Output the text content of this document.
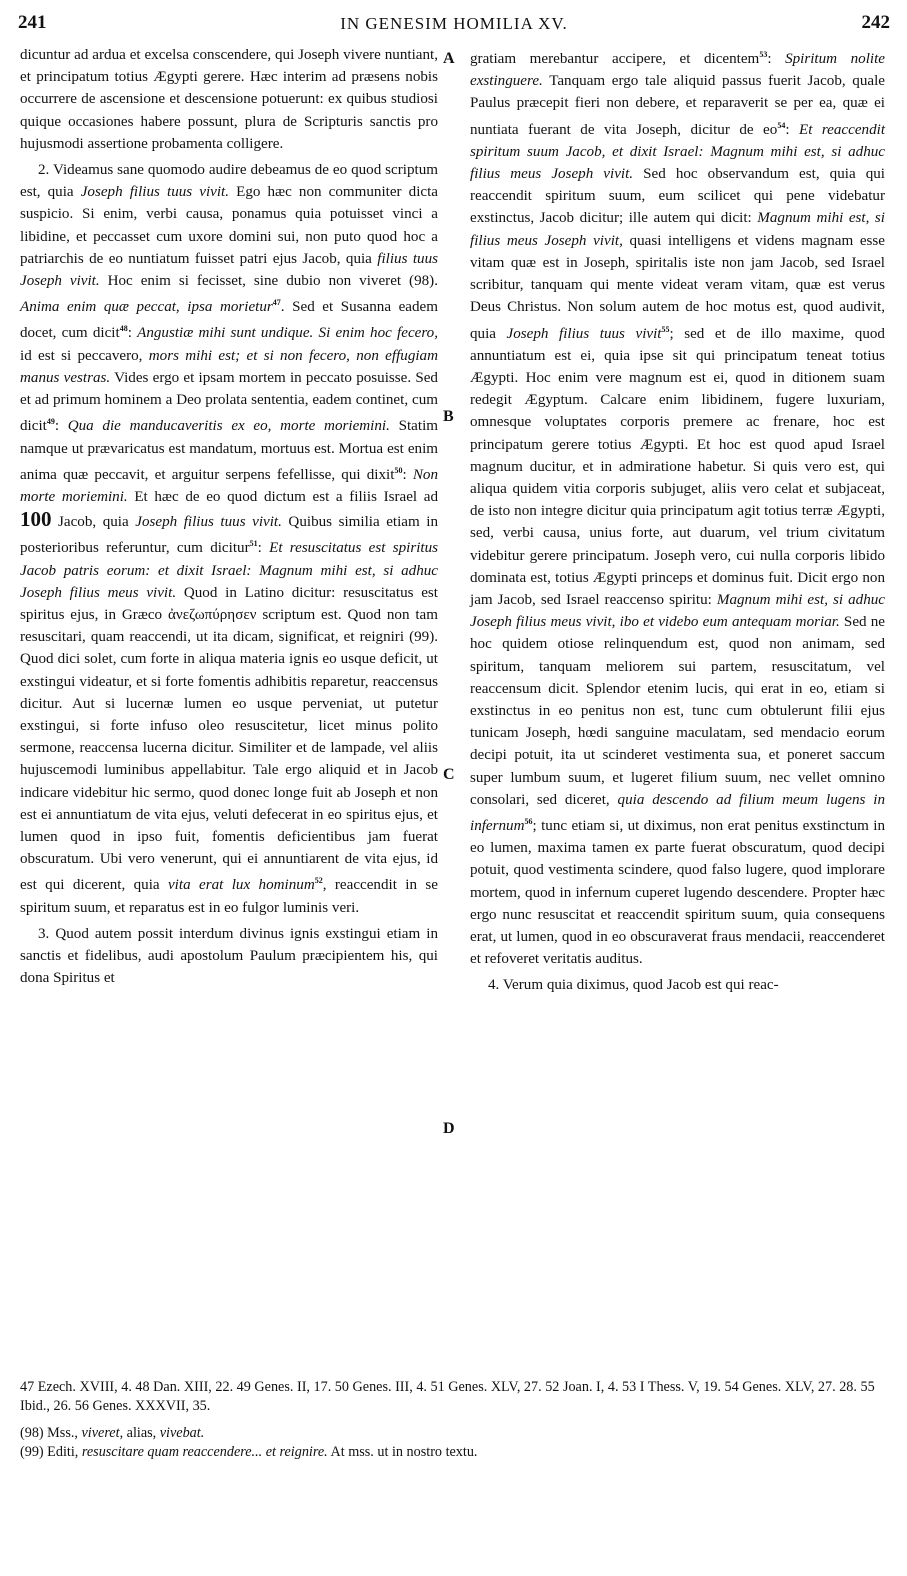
241	IN GENESIM HOMILIA XV.	242

dicuntur ad ardua et excelsa conscendere, qui Joseph vivere nuntiant, et principatum totius Ægypti gerere. Hæc interim ad præsens nobis occurrere de ascensione et descensione potuerunt: ex quibus studiosi quique occasiones habere possunt, plura de Scripturis sanctis pro hujusmodi assertione probamenta colligere.

2. Videamus sane quomodo audire debeamus de eo quod scriptum est, quia Joseph filius tuus vivit. Ego hæc non communiter dicta suspicio. Si enim, verbi causa, ponamus quia potuisset vinci a libidine, et peccasset cum uxore domini sui, non puto quod hoc a patriarchis de eo nuntiatum fuisset patri ejus Jacob, quia filius tuus Joseph vivit. Hoc enim si fecisset, sine dubio non viveret (98). Anima enim quæ peccat, ipsa morietur$^{47}$. Sed et Susanna eadem docet, cum dicit$^{48}$: Angustiæ mihi sunt undique. Si enim hoc fecero, id est si peccavero, mors mihi est; et si non fecero, non effugiam manus vestras. Vides ergo et ipsam mortem in peccato posuisse. Sed et ad primum hominem a Deo prolata sententia, eadem continet, cum dicit$^{49}$: Qua die manducaveritis ex eo, morte moriemini. Statim namque ut prævaricatus est mandatum, mortuus est. Mortua est enim anima quæ peccavit, et arguitur serpens fefellisse, qui dixit$^{50}$: Non morte moriemini. Et hæc de eo quod dictum est a filiis Israel ad 100 Jacob, quia Joseph filius tuus vivit. Quibus similia etiam in posterioribus referuntur, cum dicitur$^{51}$: Et resuscitatus est spiritus Jacob patris eorum: et dixit Israel: Magnum mihi est, si adhuc Joseph filius meus vivit. Quod in Latino dicitur: resuscitatus est spiritus ejus, in Græco ἀνεζωπύρησεν scriptum est. Quod non tam resuscitari, quam reaccendi, ut ita dicam, significat, et reigniri (99). Quod dici solet, cum forte in aliqua materia ignis eo usque deficit, ut exstingui videatur, et si forte fomentis adhibitis reparetur, reaccensus dicitur. Aut si lucernæ lumen eo usque perveniat, ut putetur exstingui, si forte infuso oleo resuscitetur, licet minus polito sermone, reaccensa lucerna dicitur. Similiter et de lampade, vel aliis hujuscemodi luminibus appellabitur. Tale ergo aliquid et in Jacob indicare videbitur hic sermo, quod donec longe fuit ab Joseph et non est ei annuntiatum de vita ejus, veluti defecerat in eo spiritus ejus, et lumen quod in ipso fuit, fomentis deficientibus jam fuerat obscuratum. Ubi vero venerunt, qui ei annuntiarent de vita ejus, id est qui dicerent, quia vita erat lux hominum$^{52}$, reaccendit in se spiritum suum, et reparatus est in eo fulgor luminis veri.

3. Quod autem possit interdum divinus ignis exstingui etiam in sanctis et fidelibus, audi apostolum Paulum præcipientem his, qui dona Spiritus et

A
B
C
D

gratiam merebantur accipere, et dicentem$^{53}$: Spiritum nolite exstinguere. Tanquam ergo tale aliquid passus fuerit Jacob, quale Paulus præcepit fieri non debere, et reparaverit se per ea, quæ ei nuntiata fuerant de vita Joseph, dicitur de $eo^{54}$: Et reaccendit spiritum suum Jacob, et dixit Israel: Magnum mihi est, si adhuc filius meus Joseph vivit. Sed hoc observandum est, quia qui reaccendit spiritum suum, eum scilicet qui pene videbatur exstinctus, Jacob dicitur; ille autem qui dicit: Magnum mihi est, si filius meus Joseph vivit, quasi intelligens et videns magnam esse vitam quæ est in Joseph, spiritalis iste non jam Jacob, sed Israel scribitur, tanquam qui mente videat veram vitam, quæ est verus Deus Christus. Non solum autem de hoc motus est, quod audivit, quia Joseph filius tuus vivit$^{55}$; sed et de illo maxime, quod annuntiatum est ei, quia ipse sit qui principatum teneat totius Ægypti. Hoc enim vere magnum est ei, quod in ditionem suam redegit Ægyptum. Calcare enim libidinem, fugere luxuriam, omnesque voluptates corporis premere ac frenare, hoc est principatum gerere totius Ægypti. Et hoc est quod apud Israel magnum ducitur, et in admiratione habetur. Si quis vero est, qui aliqua quidem vitia corporis subjuget, aliis vero celat et subjaceat, de isto non integre dicitur quia principatum agit totius terræ Ægypti, sed, verbi causa, unius forte, aut duarum, vel trium civitatum videbitur gerere principatum. Joseph vero, cui nulla corporis libido dominata est, totius Ægypti princeps et dominus fuit. Dicit ergo non jam Jacob, sed Israel reaccenso spiritu: Magnum mihi est, si adhuc Joseph filius meus vivit, ibo et videbo eum antequam moriar. Sed ne hoc quidem otiose relinquendum est, quod non animam, sed spiritum, tanquam meliorem sui partem, resuscitatum, vel reaccensum dicit. Splendor etenim lucis, qui erat in eo, etiam si exstinctus in eo penitus non est, tunc cum obtulerunt filii ejus tunicam Joseph, hœdi sanguine maculatam, sed mendacio eorum decipi potuit, ita ut scinderet vestimenta sua, et poneret saccum super lumbum suum, et lugeret filium suum, nec vellet omnino consolari, sed diceret, quia descendo ad filium meum lugens in infernum$^{56}$; tunc etiam si, ut diximus, non erat penitus exstinctum in eo lumen, maxima tamen ex parte fuerat obscuratum, quod decipi potuit, quod vestimenta scindere, quod falso lugere, quod implorare mortem, quod in infernum cuperet lugendo descendere. Propter hæc ergo nunc resuscitat et reaccendit spiritum suum, quia consequens erat, ut lumen, quod in eo obscuraverat fraus mendacii, reaccenderet et refoveret veritatis auditus.

4. Verum quia diximus, quod Jacob est qui reac-

47 Ezech. XVIII, 4. 48 Dan. XIII, 22. 49 Genes. II, 17. 50 Genes. III, 4. 51 Genes. XLV, 27. 52 Joan. I, 4. 53 I Thess. V, 19. 54 Genes. XLV, 27. 28. 55 Ibid., 26. 56 Genes. XXXVII, 35.

(98) Mss., viveret, alias, vivebat.

(99) Editi, resuscitare quam reaccendere... et reignire. At mss. ut in nostro textu.
